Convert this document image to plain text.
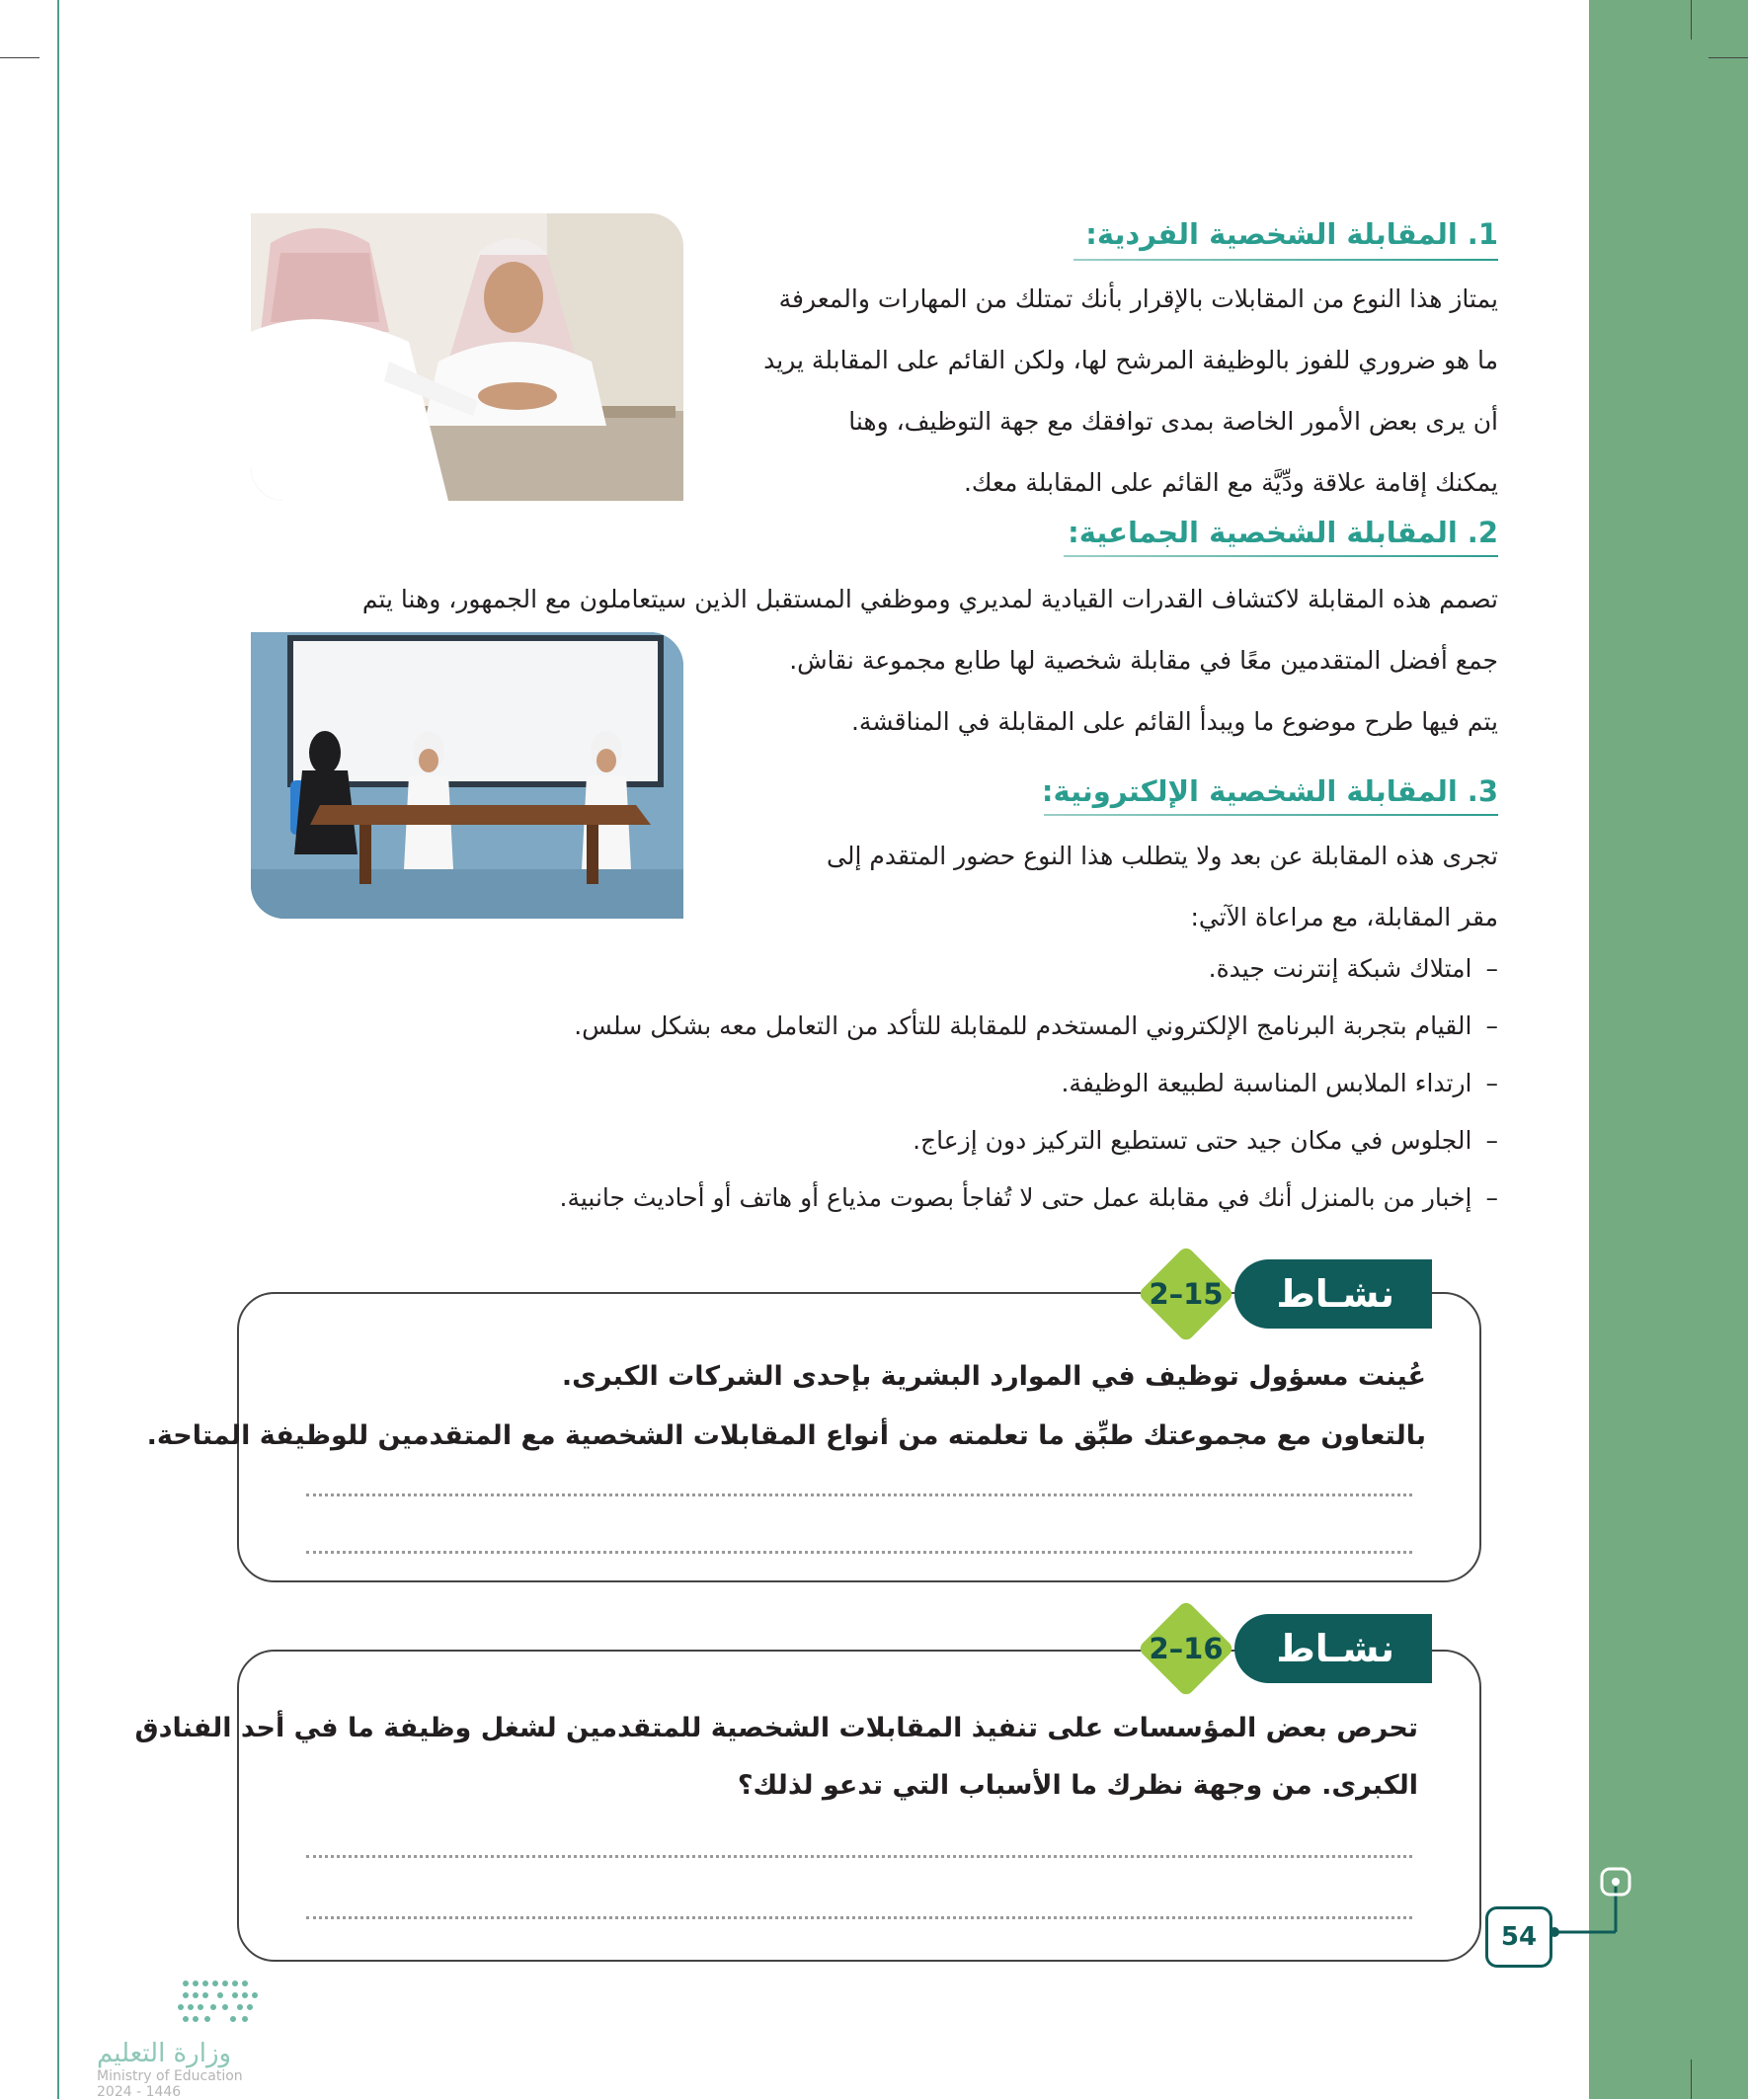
1.المقابلة الشخصية الفردية:
يمتاز هذا النوع من المقابلات بالإقرار بأنك تمتلك من المهارات والمعرفة
ما هو ضروري للفوز بالوظيفة المرشح لها، ولكن القائم على المقابلة يريد
أن يرى بعض الأمور الخاصة بمدى توافقك مع جهة التوظيف، وهنا
يمكنك إقامة علاقة ودِّيَّة مع القائم على المقابلة معك.
2.المقابلة الشخصية الجماعية:
تصمم هذه المقابلة لاكتشاف القدرات القيادية لمديري وموظفي المستقبل الذين سيتعاملون مع الجمهور، وهنا يتم
جمع أفضل المتقدمين معًا في مقابلة شخصية لها طابع مجموعة نقاش.
يتم فيها طرح موضوع ما ويبدأ القائم على المقابلة في المناقشة.
3.المقابلة الشخصية الإلكترونية:
تجرى هذه المقابلة عن بعد ولا يتطلب هذا النوع حضور المتقدم إلى
مقر المقابلة، مع مراعاة الآتي:
–امتلاك شبكة إنترنت جيدة.
–القيام بتجربة البرنامج الإلكتروني المستخدم للمقابلة للتأكد من التعامل معه بشكل سلس.
–ارتداء الملابس المناسبة لطبيعة الوظيفة.
–الجلوس في مكان جيد حتى تستطيع التركيز دون إزعاج.
–إخبار من بالمنزل أنك في مقابلة عمل حتى لا تُفاجأ بصوت مذياع أو هاتف أو أحاديث جانبية.
نشـاط
2–15
عُينت مسؤول توظيف في الموارد البشرية بإحدى الشركات الكبرى.
بالتعاون مع مجموعتك طبِّق ما تعلمته من أنواع المقابلات الشخصية مع المتقدمين للوظيفة المتاحة.
نشـاط
2–16
تحرص بعض المؤسسات على تنفيذ المقابلات الشخصية للمتقدمين لشغل وظيفة ما في أحد الفنادق
الكبرى. من وجهة نظرك ما الأسباب التي تدعو لذلك؟
54
وزارة التعليم
Ministry of Education
2024 - 1446
